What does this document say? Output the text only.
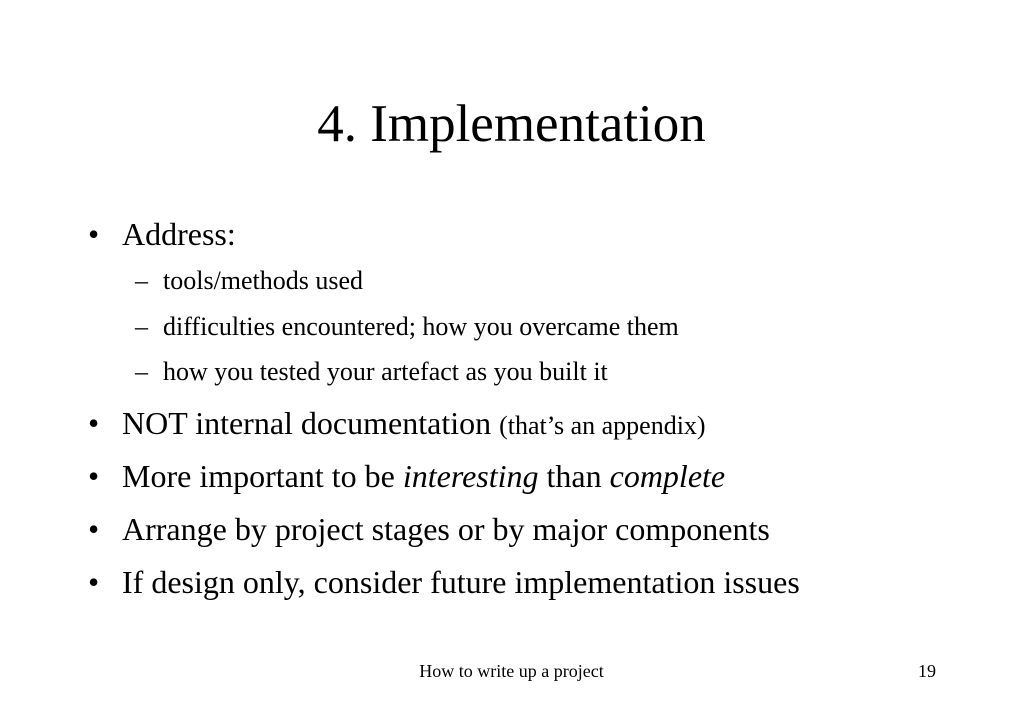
4. Implementation
• Address:
– tools/methods used
– difficulties encountered; how you overcame them
– how you tested your artefact as you built it
• NOT internal documentation (that’s an appendix)
• More important to be interesting than complete
• Arrange by project stages or by major components
• If design only, consider future implementation issues
How to write up a project	19
